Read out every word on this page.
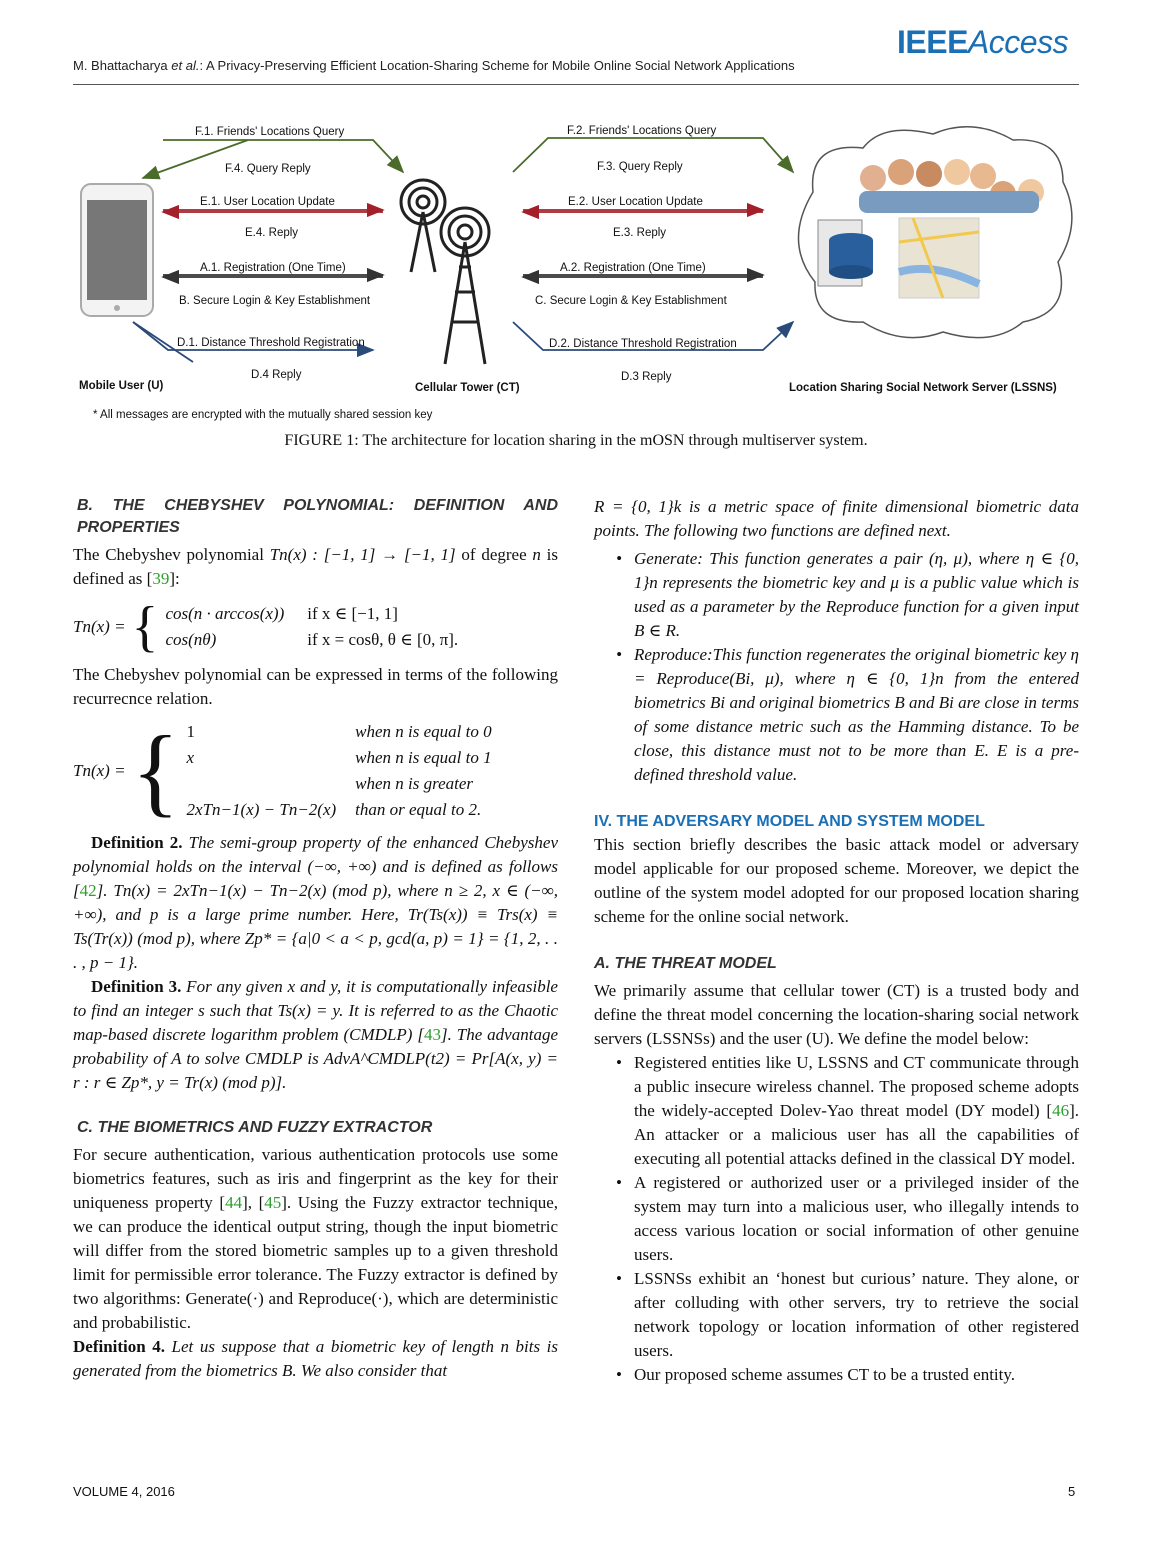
M. Bhattacharya et al.: A Privacy-Preserving Efficient Location-Sharing Scheme for Mobile Online Social Network Applications
IEEEAccess
F.1. Friends' Locations Query
F.4. Query Reply
E.1. User Location Update
E.4. Reply
A.1. Registration (One Time)
B. Secure Login & Key Establishment
D.1. Distance Threshold Registration
D.4 Reply
F.2. Friends' Locations Query
F.3. Query Reply
E.2. User Location Update
E.3. Reply
A.2. Registration (One Time)
C. Secure Login & Key Establishment
D.2. Distance Threshold Registration
D.3 Reply
Mobile User (U)	Cellular Tower (CT)	Location Sharing Social Network Server (LSSNS)
* All messages are encrypted with the mutually shared session key
FIGURE 1: The architecture for location sharing in the mOSN through multiserver system.

B. THE CHEBYSHEV POLYNOMIAL: DEFINITION AND PROPERTIES

The Chebyshev polynomial Tn(x) : [−1, 1] → [−1, 1] of degree n is defined as [39]:

Tn(x) = { cos(n · arccos(x))	if x ∈ [−1, 1]
cos(nθ)	if x = cosθ, θ ∈ [0, π].

The Chebyshev polynomial can be expressed in terms of the following recurrecnce relation.

Tn(x) = { 1	when n is equal to 0
x	when n is equal to 1
	when n is greater
2xTn−1(x) − Tn−2(x)	than or equal to 2.

Definition 2. The semi-group property of the enhanced Chebyshev polynomial holds on the interval (−∞, +∞) and is defined as follows [42]. Tn(x) = 2xTn−1(x) − Tn−2(x) (mod p), where n ≥ 2, x ∈ (−∞, +∞), and p is a large prime number. Here, Tr(Ts(x)) ≡ Trs(x) ≡ Ts(Tr(x)) (mod p), where Zp* = {a|0 < a < p, gcd(a, p) = 1} = {1, 2, . . . , p − 1}.

Definition 3. For any given x and y, it is computationally infeasible to find an integer s such that Ts(x) = y. It is referred to as the Chaotic map-based discrete logarithm problem (CMDLP) [43]. The advantage probability of A to solve CMDLP is AdvA^CMDLP(t2) = Pr[A(x, y) = r : r ∈ Zp*, y = Tr(x) (mod p)].

C. THE BIOMETRICS AND FUZZY EXTRACTOR

For secure authentication, various authentication protocols use some biometrics features, such as iris and fingerprint as the key for their uniqueness property [44], [45]. Using the Fuzzy extractor technique, we can produce the identical output string, though the input biometric will differ from the stored biometric samples up to a given threshold limit for permissible error tolerance. The Fuzzy extractor is defined by two algorithms: Generate(·) and Reproduce(·), which are deterministic and probabilistic.

Definition 4. Let us suppose that a biometric key of length n bits is generated from the biometrics B. We also consider that

R = {0, 1}k is a metric space of finite dimensional biometric data points. The following two functions are defined next.

• Generate: This function generates a pair (η, μ), where η ∈ {0, 1}n represents the biometric key and μ is a public value which is used as a parameter by the Reproduce function for a given input B ∈ R.
• Reproduce:This function regenerates the original biometric key η = Reproduce(Bi, μ), where η ∈ {0, 1}n from the entered biometrics Bi and original biometrics B and Bi are close in terms of some distance metric such as the Hamming distance. To be close, this distance must not to be more than E. E is a pre-defined threshold value.

IV. THE ADVERSARY MODEL AND SYSTEM MODEL

This section briefly describes the basic attack model or adversary model applicable for our proposed scheme. Moreover, we depict the outline of the system model adopted for our proposed location sharing scheme for the online social network.

A. THE THREAT MODEL

We primarily assume that cellular tower (CT) is a trusted body and define the threat model concerning the location-sharing social network servers (LSSNSs) and the user (U). We define the model below:

• Registered entities like U, LSSNS and CT communicate through a public insecure wireless channel. The proposed scheme adopts the widely-accepted Dolev-Yao threat model (DY model) [46]. An attacker or a malicious user has all the capabilities of executing all potential attacks defined in the classical DY model.
• A registered or authorized user or a privileged insider of the system may turn into a malicious user, who illegally intends to access various location or social information of other genuine users.
• LSSNSs exhibit an ‘honest but curious’ nature. They alone, or after colluding with other servers, try to retrieve the social network topology or location information of other registered users.
• Our proposed scheme assumes CT to be a trusted entity.
VOLUME 4, 2016	5
